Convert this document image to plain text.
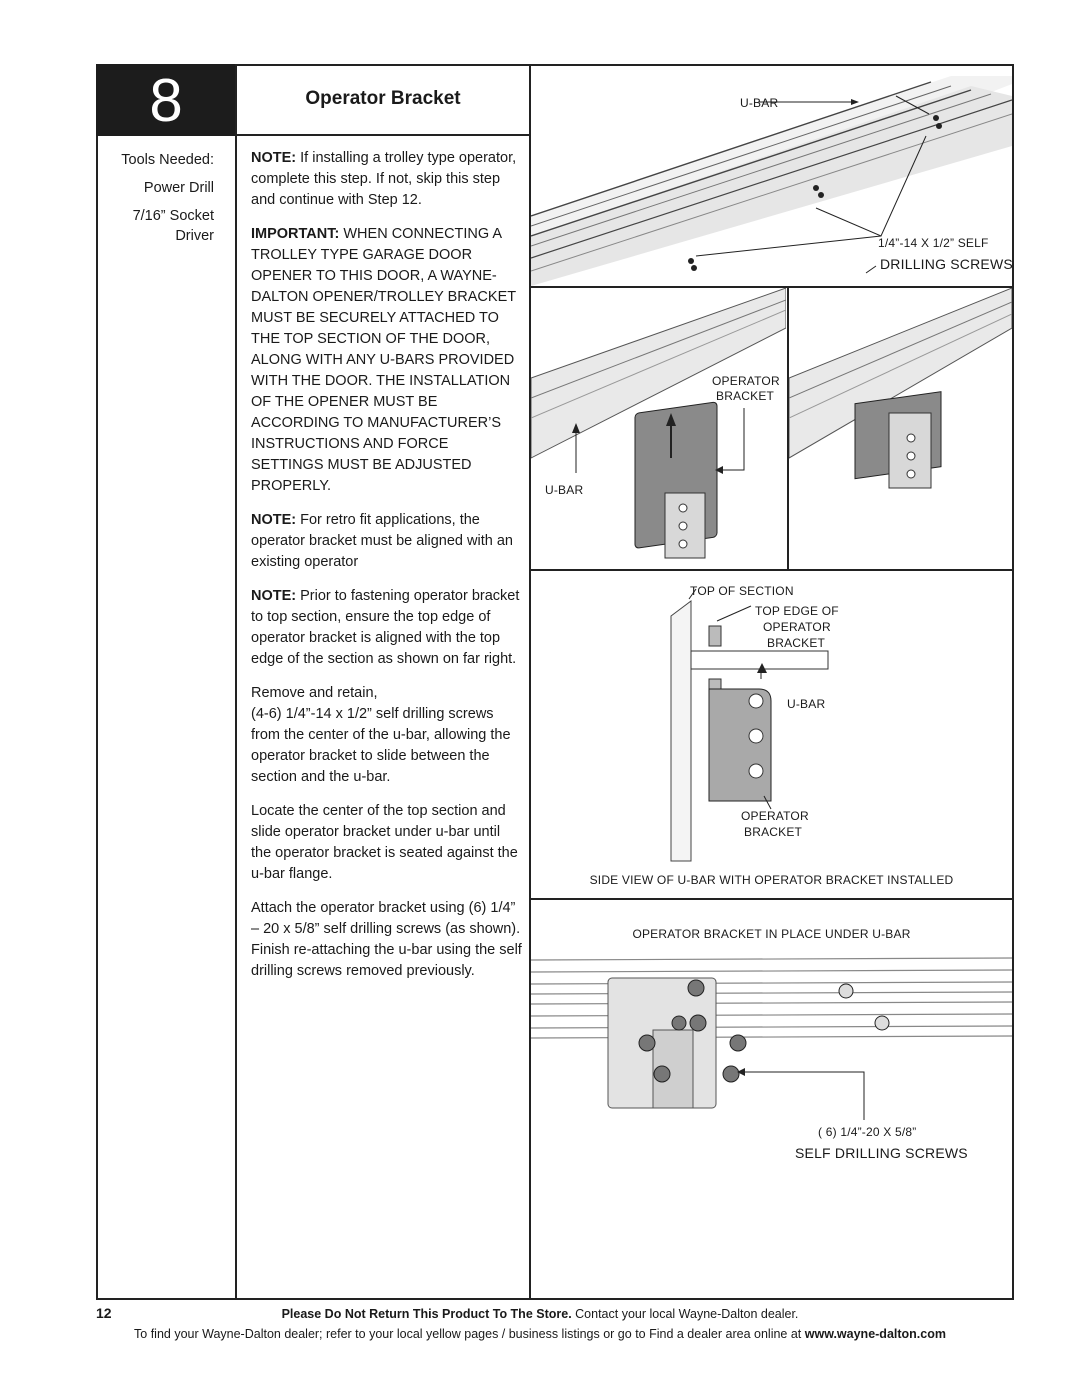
8	Operator Bracket
Tools Needed:
Power Drill
7/16” Socket
Driver

NOTE: If installing a trolley type operator, complete this step. If not, skip this step and continue with Step 12.

IMPORTANT: WHEN CONNECTING A TROLLEY TYPE GARAGE DOOR OPENER TO THIS DOOR, A WAYNE-DALTON OPENER/TROLLEY BRACKET MUST BE SECURELY ATTACHED TO THE TOP SECTION OF THE DOOR, ALONG WITH ANY U-BARS PROVIDED WITH THE DOOR. THE INSTALLATION OF THE OPENER MUST BE ACCORDING TO MANUFACTURER’S INSTRUCTIONS AND FORCE SETTINGS MUST BE ADJUSTED PROPERLY.

NOTE: For retro fit applications, the operator bracket must be aligned with an existing operator

NOTE: Prior to fastening operator bracket to top section, ensure the top edge of operator bracket is aligned with the top edge of the section as shown on far right.

Remove and retain,

(4-6) 1/4”-14 x 1/2” self drilling screws from the center of the u-bar, allowing the operator bracket to slide between the section and the u-bar.

Locate the center of the top section and slide operator bracket under u-bar until the operator bracket is seated against the u-bar flange.

Attach the operator bracket using (6) 1/4” – 20 x 5/8” self drilling screws (as shown). Finish re-attaching the u-bar using the self drilling screws removed previously.

U-BAR
1/4”-14 X 1/2” SELF
DRILLING SCREWS
OPERATOR
BRACKET
U-BAR
TOP OF SECTION
TOP EDGE OF
OPERATOR
BRACKET
U-BAR
OPERATOR
BRACKET
SIDE VIEW OF U-BAR WITH OPERATOR BRACKET INSTALLED
OPERATOR BRACKET IN PLACE UNDER U-BAR
( 6) 1/4”-20 X 5/8”
SELF DRILLING SCREWS
12	Please Do Not Return This Product To The Store. Contact your local Wayne-Dalton dealer.
To find your Wayne-Dalton dealer; refer to your local yellow pages / business listings or go to Find a dealer area online at www.wayne-dalton.com
